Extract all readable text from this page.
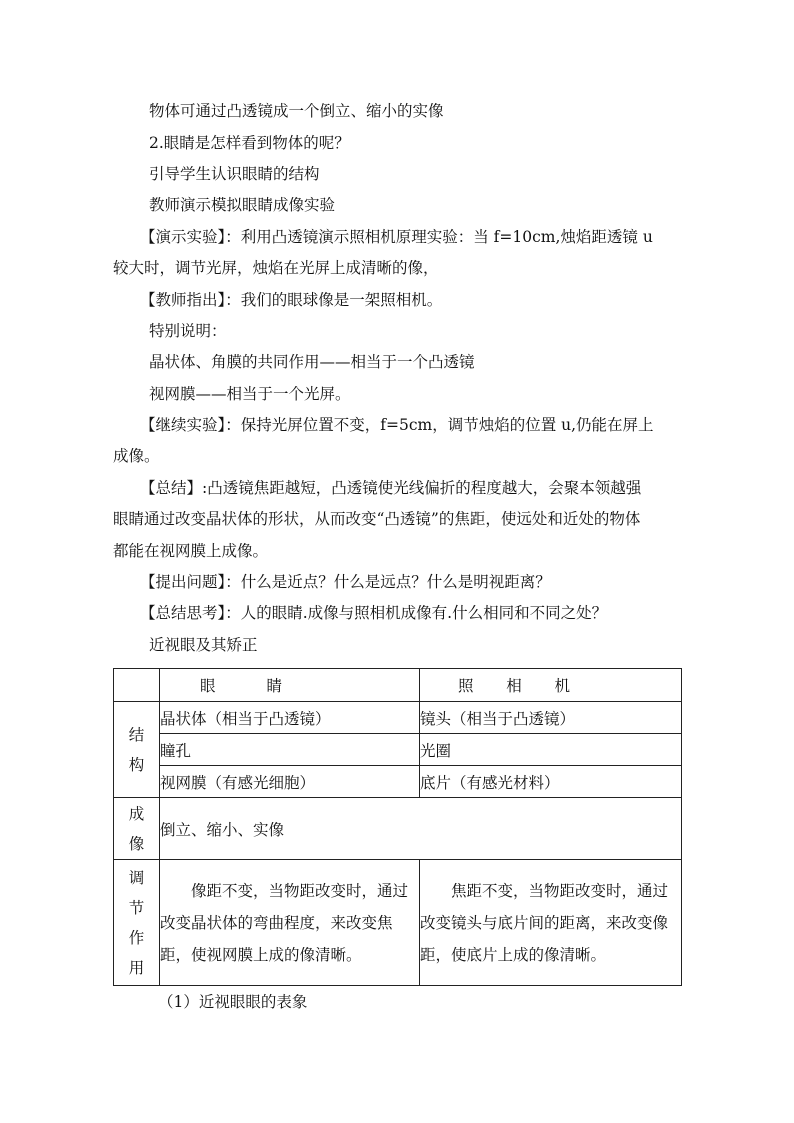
物体可通过凸透镜成一个倒立、缩小的实像
2.眼睛是怎样看到物体的呢？
引导学生认识眼睛的结构
教师演示模拟眼睛成像实验
【演示实验】：利用凸透镜演示照相机原理实验：当 f=10cm,烛焰距透镜 u
较大时，调节光屏，烛焰在光屏上成清晰的像，
【教师指出】：我们的眼球像是一架照相机。
特别说明：
晶状体、角膜的共同作用——相当于一个凸透镜
视网膜——相当于一个光屏。
【继续实验】：保持光屏位置不变，f=5cm，调节烛焰的位置 u,仍能在屏上
成像。
【总结】:凸透镜焦距越短，凸透镜使光线偏折的程度越大，会聚本领越强
眼睛通过改变晶状体的形状，从而改变“凸透镜”的焦距，使远处和近处的物体
都能在视网膜上成像。
【提出问题】：什么是近点？什么是远点？什么是明视距离？
【总结思考】：人的眼睛.成像与照相机成像有.什么相同和不同之处？
近视眼及其矫正

	眼 睛	照 相 机

结
构	晶状体（相当于凸透镜）	镜头（相当于凸透镜）
	瞳孔	光圈
	视网膜（有感光细胞）	底片（有感光材料）

成
像	倒立、缩小、实像	

调
节
作
用	像距不变，当物距改变时，通过改变晶状体的弯曲程度，来改变焦距，使视网膜上成的像清晰。	焦距不变，当物距改变时，通过改变镜头与底片间的距离，来改变像距，使底片上成的像清晰。
（1）近视眼眼的表象
